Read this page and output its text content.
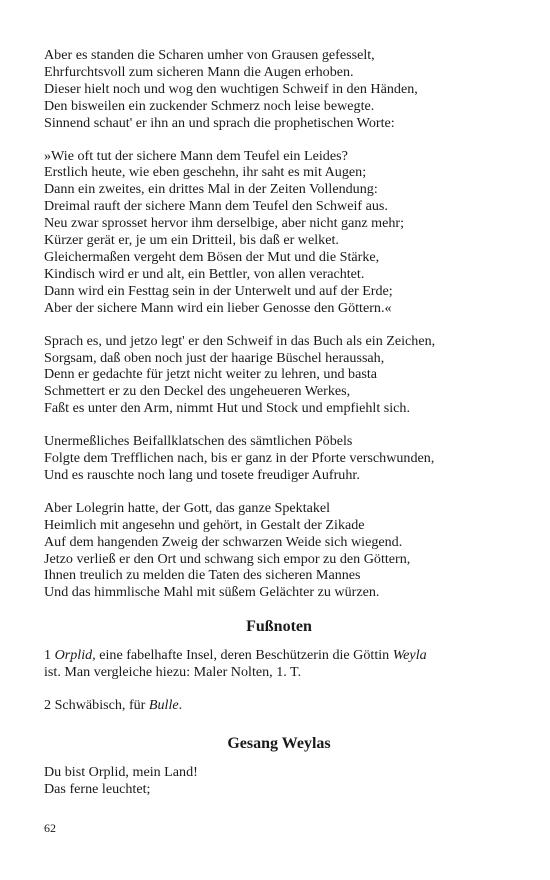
Aber es standen die Scharen umher von Grausen gefesselt,
Ehrfurchtsvoll zum sicheren Mann die Augen erhoben.
Dieser hielt noch und wog den wuchtigen Schweif in den Händen,
Den bisweilen ein zuckender Schmerz noch leise bewegte.
Sinnend schaut' er ihn an und sprach die prophetischen Worte:
»Wie oft tut der sichere Mann dem Teufel ein Leides?
Erstlich heute, wie eben geschehn, ihr saht es mit Augen;
Dann ein zweites, ein drittes Mal in der Zeiten Vollendung:
Dreimal rauft der sichere Mann dem Teufel den Schweif aus.
Neu zwar sprosset hervor ihm derselbige, aber nicht ganz mehr;
Kürzer gerät er, je um ein Dritteil, bis daß er welket.
Gleichermaßen vergeht dem Bösen der Mut und die Stärke,
Kindisch wird er und alt, ein Bettler, von allen verachtet.
Dann wird ein Festtag sein in der Unterwelt und auf der Erde;
Aber der sichere Mann wird ein lieber Genosse den Göttern.«
Sprach es, und jetzo legt' er den Schweif in das Buch als ein Zeichen,
Sorgsam, daß oben noch just der haarige Büschel heraussah,
Denn er gedachte für jetzt nicht weiter zu lehren, und basta
Schmettert er zu den Deckel des ungeheueren Werkes,
Faßt es unter den Arm, nimmt Hut und Stock und empfiehlt sich.
Unermeßliches Beifallklatschen des sämtlichen Pöbels
Folgte dem Trefflichen nach, bis er ganz in der Pforte verschwunden,
Und es rauschte noch lang und tosete freudiger Aufruhr.
Aber Lolegrin hatte, der Gott, das ganze Spektakel
Heimlich mit angesehn und gehört, in Gestalt der Zikade
Auf dem hangenden Zweig der schwarzen Weide sich wiegend.
Jetzo verließ er den Ort und schwang sich empor zu den Göttern,
Ihnen treulich zu melden die Taten des sicheren Mannes
Und das himmlische Mahl mit süßem Gelächter zu würzen.
Fußnoten
1 Orplid, eine fabelhafte Insel, deren Beschützerin die Göttin Weyla
ist. Man vergleiche hiezu: Maler Nolten, 1. T.
2 Schwäbisch, für Bulle.
Gesang Weylas
Du bist Orplid, mein Land!
Das ferne leuchtet;
62
